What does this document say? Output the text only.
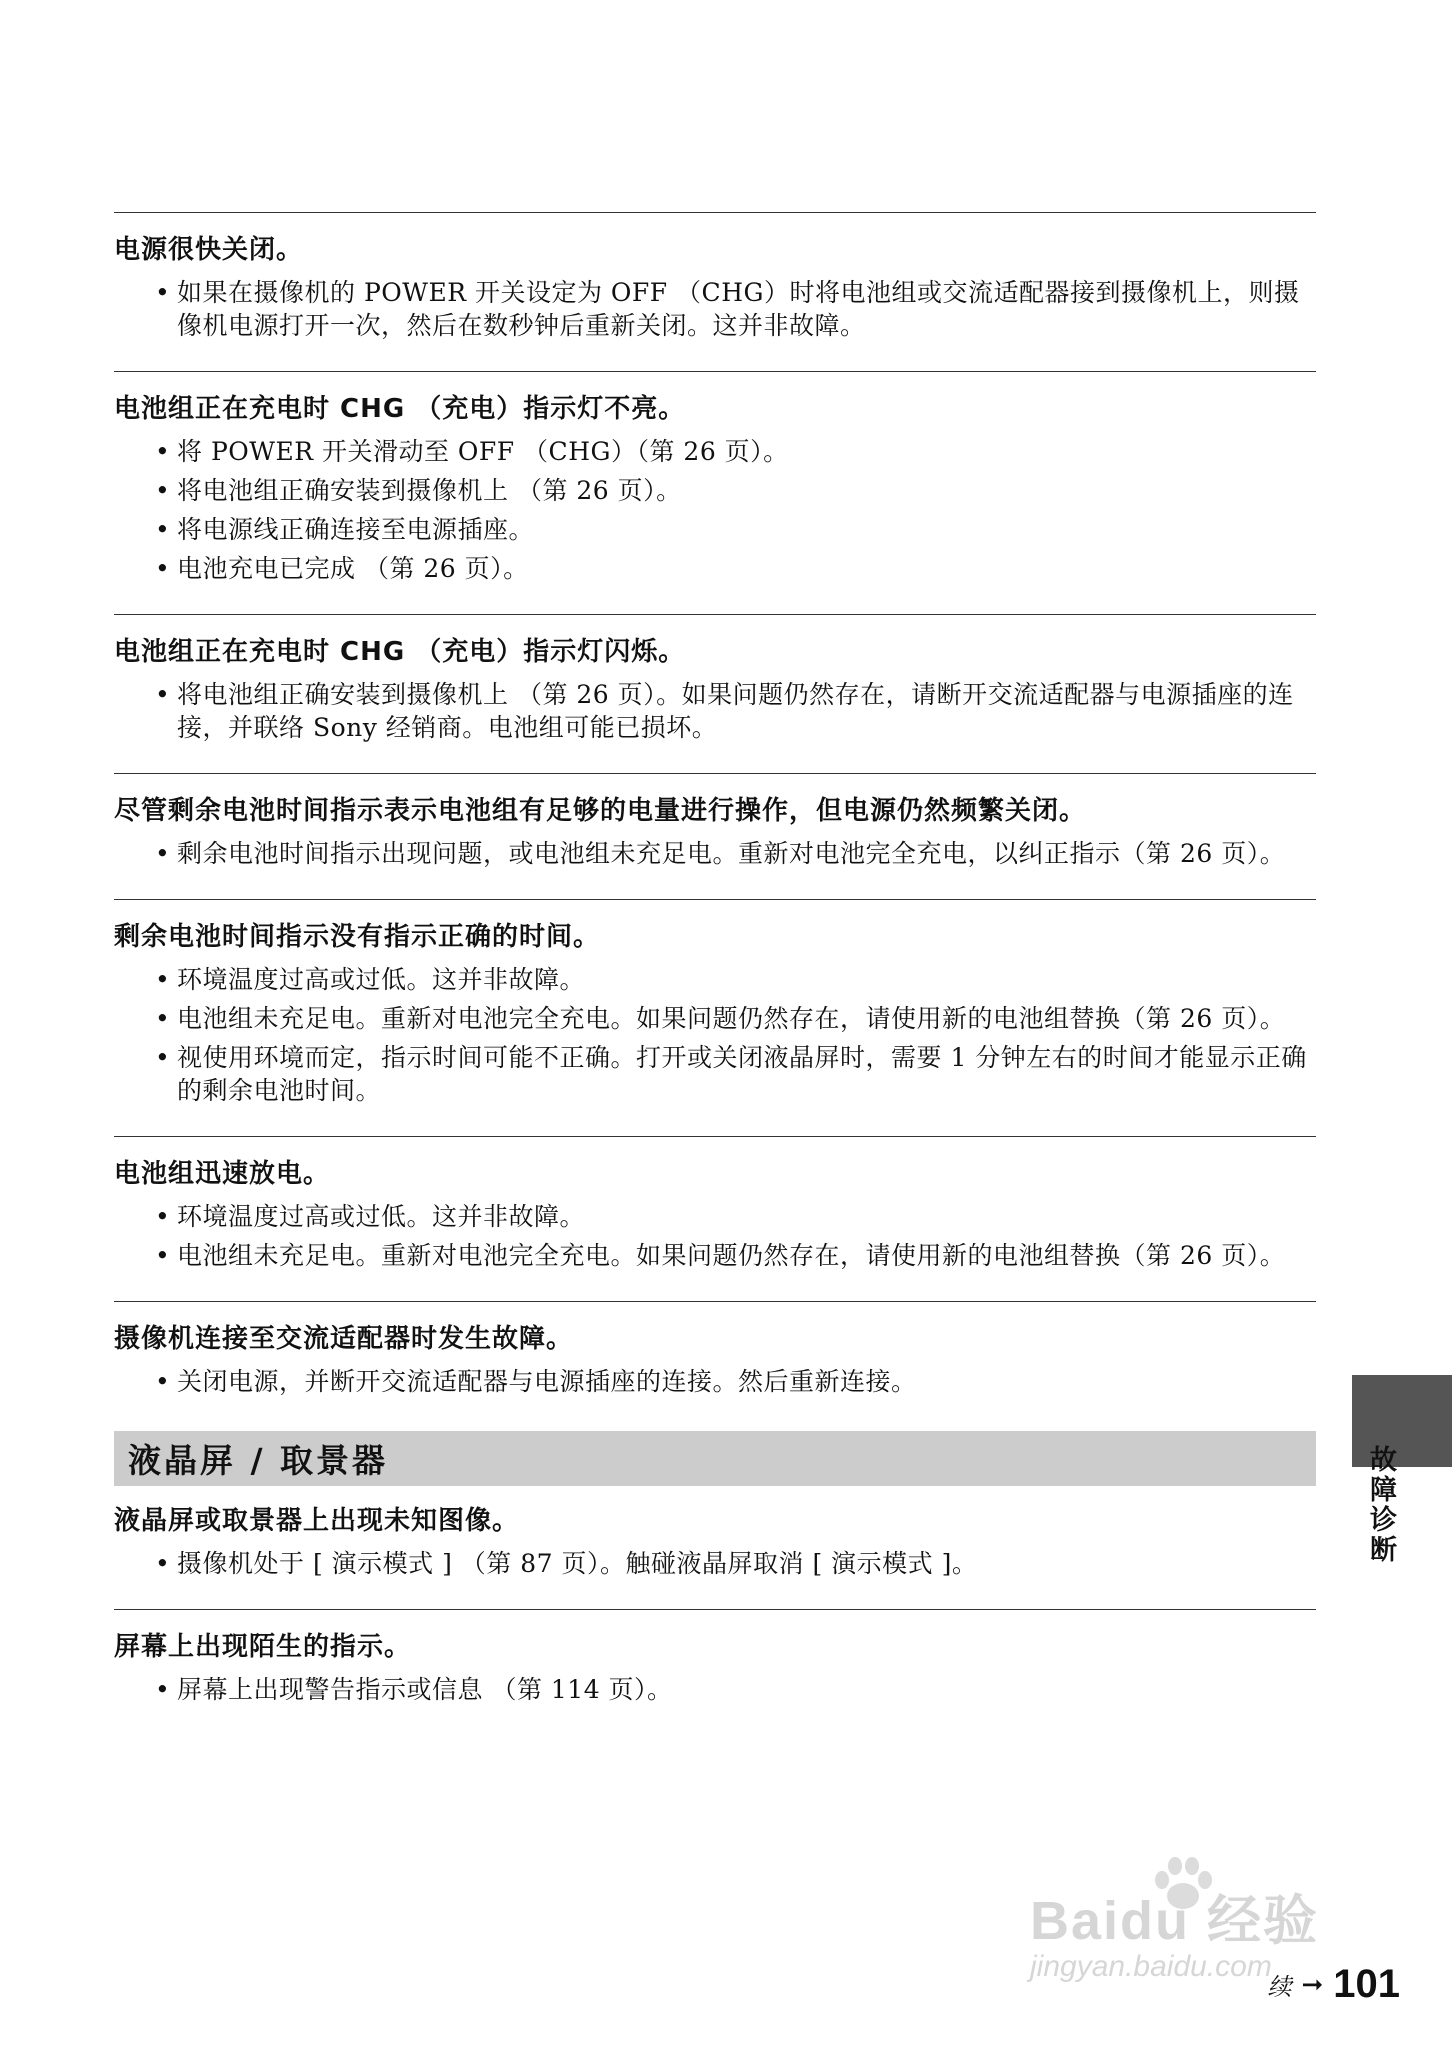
电源很快关闭。
• 如果在摄像机的 POWER 开关设定为 OFF （CHG）时将电池组或交流适配器接到摄像机上，则摄像机电源打开一次，然后在数秒钟后重新关闭。这并非故障。
电池组正在充电时 CHG （充电）指示灯不亮。
• 将 POWER 开关滑动至 OFF （CHG）（第 26 页）。
• 将电池组正确安装到摄像机上 （第 26 页）。
• 将电源线正确连接至电源插座。
• 电池充电已完成 （第 26 页）。
电池组正在充电时 CHG （充电）指示灯闪烁。
• 将电池组正确安装到摄像机上 （第 26 页）。如果问题仍然存在，请断开交流适配器与电源插座的连接，并联络 Sony 经销商。电池组可能已损坏。
尽管剩余电池时间指示表示电池组有足够的电量进行操作，但电源仍然频繁关闭。
• 剩余电池时间指示出现问题，或电池组未充足电。重新对电池完全充电，以纠正指示（第 26 页）。
剩余电池时间指示没有指示正确的时间。
• 环境温度过高或过低。这并非故障。
• 电池组未充足电。重新对电池完全充电。如果问题仍然存在，请使用新的电池组替换（第 26 页）。
• 视使用环境而定，指示时间可能不正确。打开或关闭液晶屏时，需要 1 分钟左右的时间才能显示正确的剩余电池时间。
电池组迅速放电。
• 环境温度过高或过低。这并非故障。
• 电池组未充足电。重新对电池完全充电。如果问题仍然存在，请使用新的电池组替换（第 26 页）。
摄像机连接至交流适配器时发生故障。
• 关闭电源，并断开交流适配器与电源插座的连接。然后重新连接。
液晶屏 / 取景器
液晶屏或取景器上出现未知图像。
• 摄像机处于 [ 演示模式 ] （第 87 页）。触碰液晶屏取消 [ 演示模式 ]。
屏幕上出现陌生的指示。
• 屏幕上出现警告指示或信息 （第 114 页）。
故障诊断
Baidu 经验
jingyan.baidu.com
续 ➞ 101
